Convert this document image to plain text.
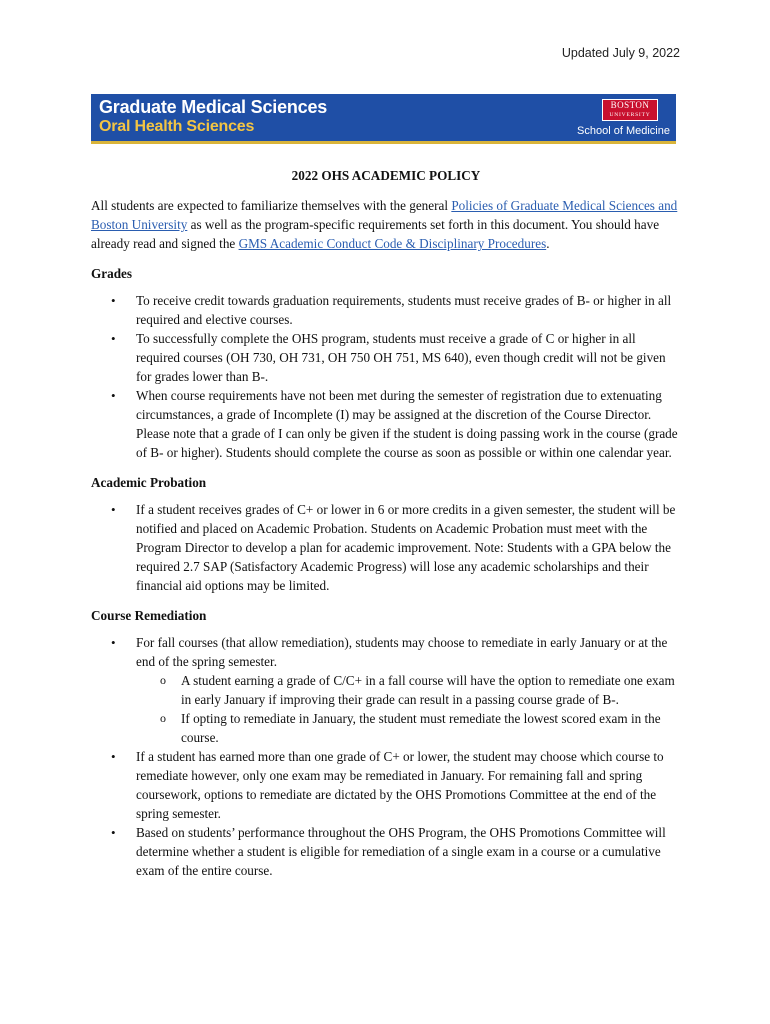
Updated July 9, 2022
Graduate Medical Sciences
Oral Health Sciences
BOSTON
UNIVERSITY
School of Medicine
2022 OHS ACADEMIC POLICY

All students are expected to familiarize themselves with the general Policies of Graduate Medical Sciences and Boston University as well as the program-specific requirements set forth in this document. You should have already read and signed the GMS Academic Conduct Code & Disciplinary Procedures.

Grades
• To receive credit towards graduation requirements, students must receive grades of B- or higher in all required and elective courses.
• To successfully complete the OHS program, students must receive a grade of C or higher in all required courses (OH 730, OH 731, OH 750 OH 751, MS 640), even though credit will not be given for grades lower than B-.
• When course requirements have not been met during the semester of registration due to extenuating circumstances, a grade of Incomplete (I) may be assigned at the discretion of the Course Director. Please note that a grade of I can only be given if the student is doing passing work in the course (grade of B- or higher). Students should complete the course as soon as possible or within one calendar year.
Academic Probation
• If a student receives grades of C+ or lower in 6 or more credits in a given semester, the student will be notified and placed on Academic Probation. Students on Academic Probation must meet with the Program Director to develop a plan for academic improvement. Note: Students with a GPA below the required 2.7 SAP (Satisfactory Academic Progress) will lose any academic scholarships and their financial aid options may be limited.
Course Remediation
• For fall courses (that allow remediation), students may choose to remediate in early January or at the end of the spring semester.
o A student earning a grade of C/C+ in a fall course will have the option to remediate one exam in early January if improving their grade can result in a passing course grade of B-.
o If opting to remediate in January, the student must remediate the lowest scored exam in the course.
• If a student has earned more than one grade of C+ or lower, the student may choose which course to remediate however, only one exam may be remediated in January. For remaining fall and spring coursework, options to remediate are dictated by the OHS Promotions Committee at the end of the spring semester.
• Based on students’ performance throughout the OHS Program, the OHS Promotions Committee will determine whether a student is eligible for remediation of a single exam in a course or a cumulative exam of the entire course.
